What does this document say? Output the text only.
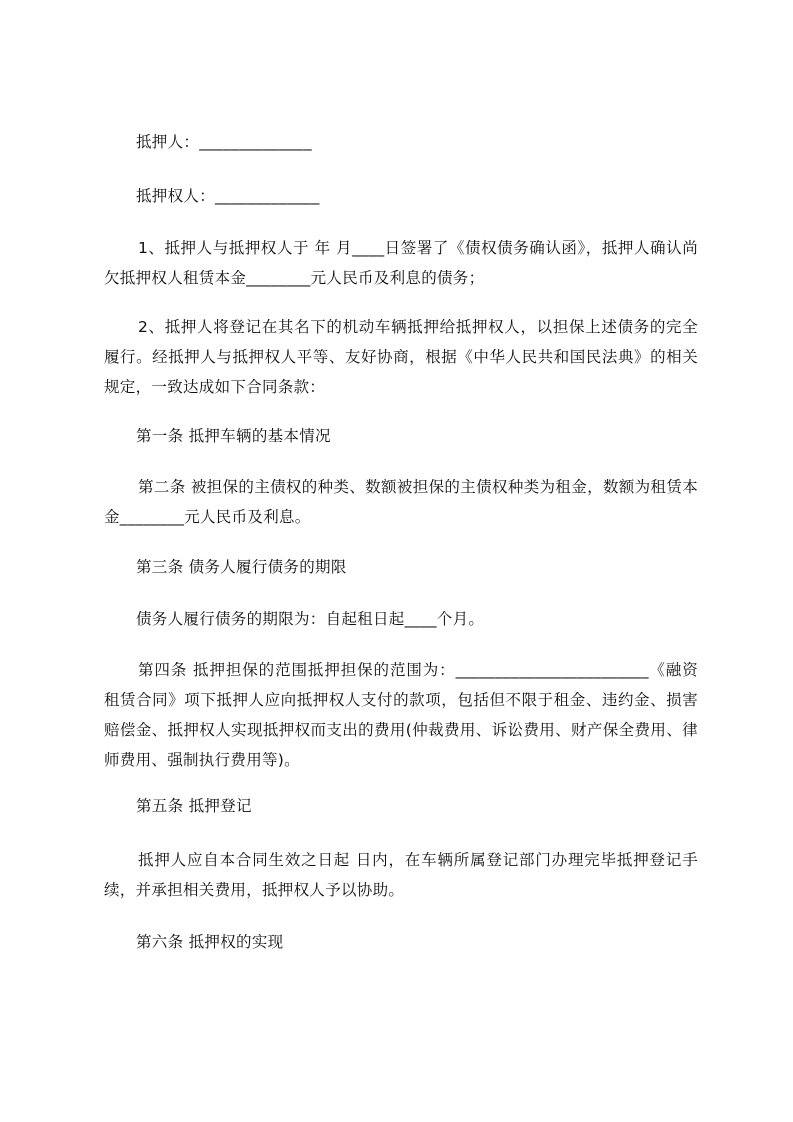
抵押人：______________
抵押权人：_____________
1、抵押人与抵押权人于 年 月____日签署了《债权债务确认函》，抵押人确认尚欠抵押权人租赁本金________元人民币及利息的债务；
2、抵押人将登记在其名下的机动车辆抵押给抵押权人，以担保上述债务的完全履行。经抵押人与抵押权人平等、友好协商，根据《中华人民共和国民法典》的相关规定，一致达成如下合同条款：
第一条 抵押车辆的基本情况
第二条 被担保的主债权的种类、数额被担保的主债权种类为租金，数额为租赁本金________元人民币及利息。
第三条 债务人履行债务的期限
债务人履行债务的期限为：自起租日起____个月。
第四条 抵押担保的范围抵押担保的范围为：________________________《融资租赁合同》项下抵押人应向抵押权人支付的款项，包括但不限于租金、违约金、损害赔偿金、抵押权人实现抵押权而支出的费用(仲裁费用、诉讼费用、财产保全费用、律师费用、强制执行费用等)。
第五条 抵押登记
抵押人应自本合同生效之日起 日内，在车辆所属登记部门办理完毕抵押登记手续，并承担相关费用，抵押权人予以协助。
第六条 抵押权的实现
